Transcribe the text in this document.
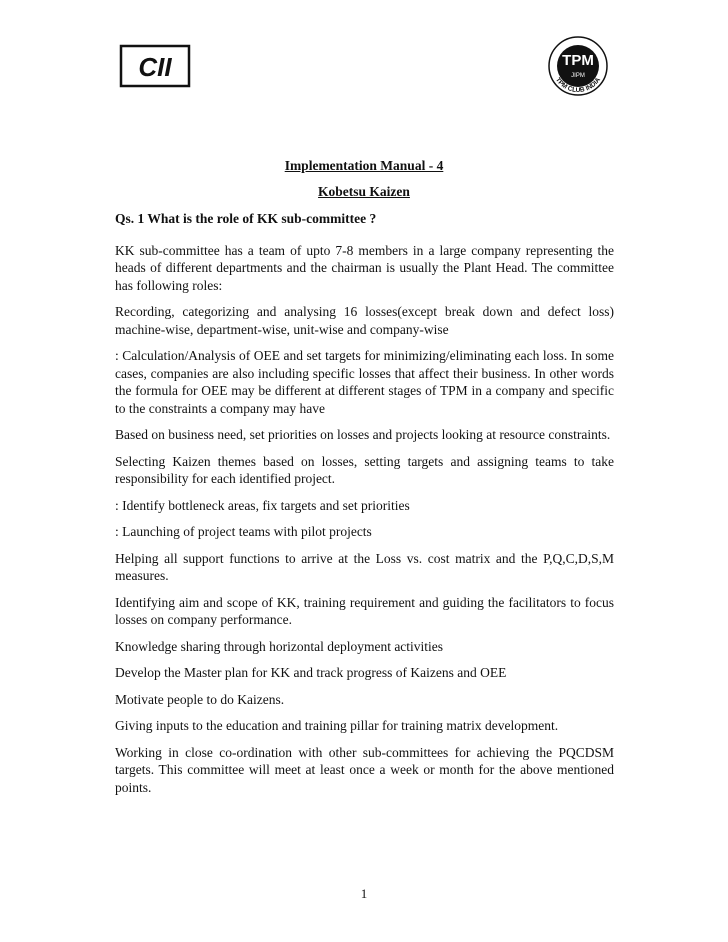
CII	TPM
JIPM
TPM CLUB INDIA
Implementation Manual - 4
Kobetsu Kaizen

Qs. 1 What is the role of KK sub-committee ?

KK sub-committee has a team of upto 7-8 members in a large company representing the heads of different departments and the chairman is usually the Plant Head. The committee has following roles:

Recording, categorizing and analysing 16 losses(except break down and defect loss) machine-wise, department-wise, unit-wise and company-wise

: Calculation/Analysis of OEE and set targets for minimizing/eliminating each loss. In some cases, companies are also including specific losses that affect their business. In other words the formula for OEE may be different at different stages of TPM in a company and specific to the constraints a company may have

Based on business need, set priorities on losses and projects looking at resource constraints.

Selecting Kaizen themes based on losses, setting targets and assigning teams to take responsibility for each identified project.

: Identify bottleneck areas, fix targets and set priorities

: Launching of project teams with pilot projects

Helping all support functions to arrive at the Loss vs. cost matrix and the P,Q,C,D,S,M measures.

Identifying aim and scope of KK, training requirement and guiding the facilitators to focus losses on company performance.

Knowledge sharing through horizontal deployment activities

Develop the Master plan for KK and track progress of Kaizens and OEE

Motivate people to do Kaizens.

Giving inputs to the education and training pillar for training matrix development.

Working in close co-ordination with other sub-committees for achieving the PQCDSM targets. This committee will meet at least once a week or month for the above mentioned points.

1
